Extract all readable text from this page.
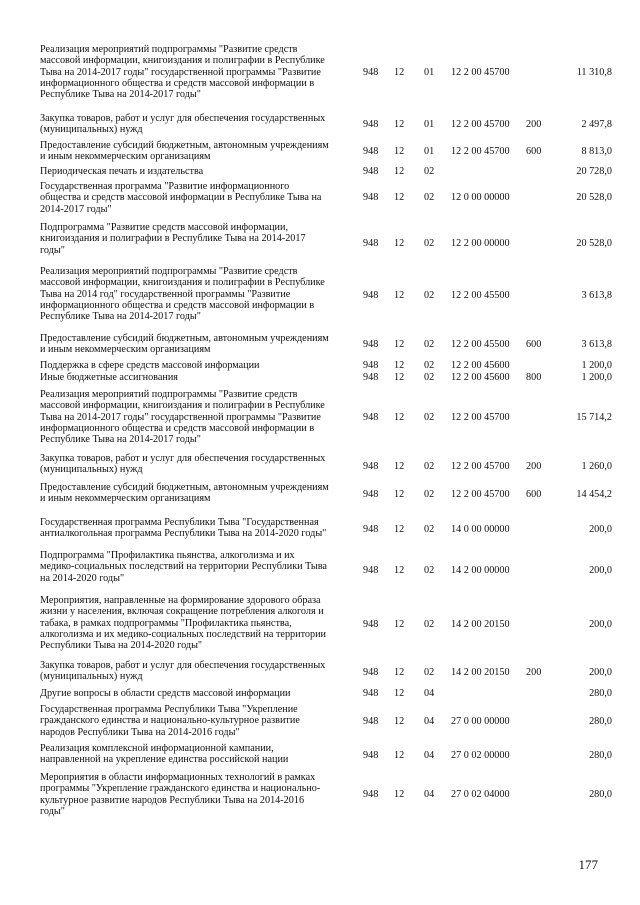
Реализация мероприятий подпрограммы "Развитие средств
массовой информации, книгоиздания и полиграфии в Республике
Тыва на 2014-2017 годы" государственной программы "Развитие
информационного общества и средств массовой информации в
Республике Тыва на 2014-2017 годы"
948 12 01 12 2 00 45700	11 310,8
Закупка товаров, работ и услуг для обеспечения государственных
(муниципальных) нужд	948 12 01 12 2 00 45700 200	2 497,8
Предоставление субсидий бюджетным, автономным учреждениям
и иным некоммерческим организациям	948 12 01 12 2 00 45700 600	8 813,0
Периодическая печать и издательства	948 12 02	20 728,0
Государственная программа "Развитие информационного
общества и средств массовой информации в Республике Тыва на
2014-2017 годы"
948 12 02 12 0 00 00000	20 528,0
Подпрограмма "Развитие средств массовой информации,
книгоиздания и полиграфии в Республике Тыва на 2014-2017
годы"
948 12 02 12 2 00 00000	20 528,0
Реализация мероприятий подпрограммы "Развитие средств
массовой информации, книгоиздания и полиграфии в Республике
Тыва на 2014 год" государственной программы "Развитие
информационного общества и средств массовой информации в
Республике Тыва на 2014-2017 годы"
948 12 02 12 2 00 45500	3 613,8
Предоставление субсидий бюджетным, автономным учреждениям
и иным некоммерческим организациям	948 12 02 12 2 00 45500 600	3 613,8
Поддержка в сфере средств массовой информации	948 12 02 12 2 00 45600	1 200,0
Иные бюджетные ассигнования	948 12 02 12 2 00 45600 800	1 200,0
Реализация мероприятий подпрограммы "Развитие средств
массовой информации, книгоиздания и полиграфии в Республике
Тыва на 2014-2017 годы" государственной программы "Развитие
информационного общества и средств массовой информации в
Республике Тыва на 2014-2017 годы"
948 12 02 12 2 00 45700	15 714,2
Закупка товаров, работ и услуг для обеспечения государственных
(муниципальных) нужд	948 12 02 12 2 00 45700 200	1 260,0
Предоставление субсидий бюджетным, автономным учреждениям
и иным некоммерческим организациям	948 12 02 12 2 00 45700 600	14 454,2
Государственная программа Республики Тыва "Государственная
антиалкогольная программа Республики Тыва на 2014-2020 годы"	948 12 02 14 0 00 00000	200,0
Подпрограмма "Профилактика пьянства, алкоголизма и их
медико-социальных последствий на территории Республики Тыва
на 2014-2020 годы"
948 12 02 14 2 00 00000	200,0
Мероприятия, направленные на формирование здорового образа
жизни у населения, включая сокращение потребления алкоголя и
табака, в рамках подпрограммы "Профилактика пьянства,
алкоголизма и их медико-социальных последствий на территории
Республики Тыва на 2014-2020 годы"
948 12 02 14 2 00 20150	200,0
Закупка товаров, работ и услуг для обеспечения государственных
(муниципальных) нужд	948 12 02 14 2 00 20150 200	200,0
Другие вопросы в области средств массовой информации	948 12 04	280,0
Государственная программа Республики Тыва "Укрепление
гражданского единства и национально-культурное развитие
народов Республики Тыва на 2014-2016 годы"
948 12 04 27 0 00 00000	280,0
Реализация комплексной информационной кампании,
направленной на укрепление единства российской нации	948 12 04 27 0 02 00000	280,0
Мероприятия в области информационных технологий в рамках
программы "Укрепление гражданского единства и национально-
культурное развитие народов Республики Тыва на 2014-2016
годы"
948 12 04 27 0 02 04000	280,0
177
